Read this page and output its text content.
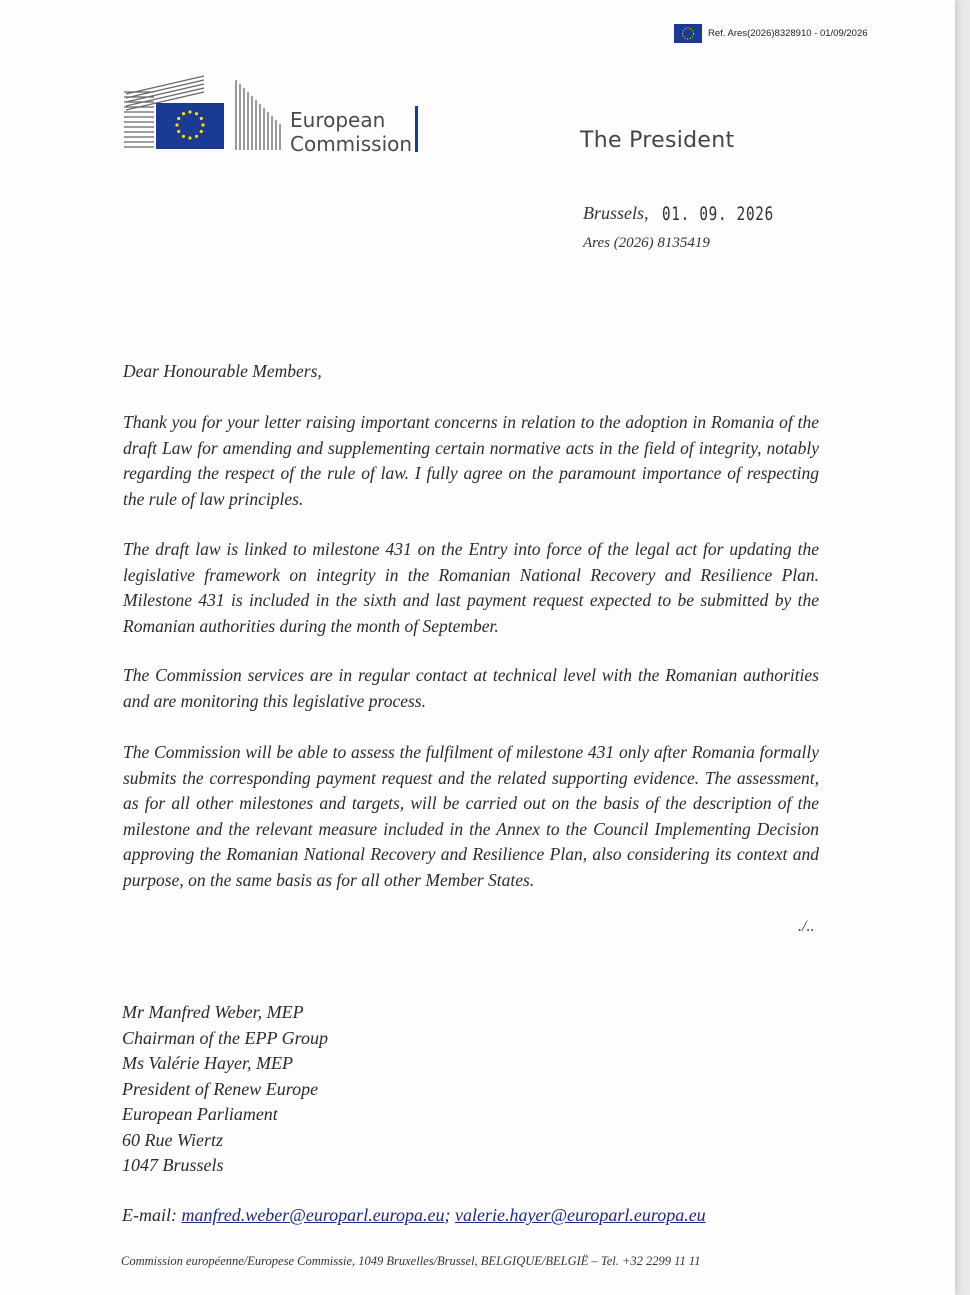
Ref. Ares(2026)8328910 - 01/09/2026
European
Commission	The President
Brussels, 01. 09. 2026
Ares (2026) 8135419
Dear Honourable Members,
Thank you for your letter raising important concerns in relation to the adoption in Romania of the draft Law for amending and supplementing certain normative acts in the field of integrity, notably regarding the respect of the rule of law. I fully agree on the paramount importance of respecting the rule of law principles.
The draft law is linked to milestone 431 on the Entry into force of the legal act for updating the legislative framework on integrity in the Romanian National Recovery and Resilience Plan. Milestone 431 is included in the sixth and last payment request expected to be submitted by the Romanian authorities during the month of September.
The Commission services are in regular contact at technical level with the Romanian authorities and are monitoring this legislative process.
The Commission will be able to assess the fulfilment of milestone 431 only after Romania formally submits the corresponding payment request and the related supporting evidence. The assessment, as for all other milestones and targets, will be carried out on the basis of the description of the milestone and the relevant measure included in the Annex to the Council Implementing Decision approving the Romanian National Recovery and Resilience Plan, also considering its context and purpose, on the same basis as for all other Member States.
./..
Mr Manfred Weber, MEP
Chairman of the EPP Group
Ms Valérie Hayer, MEP
President of Renew Europe
European Parliament
60 Rue Wiertz
1047 Brussels
E-mail: manfred.weber@europarl.europa.eu; valerie.hayer@europarl.europa.eu
Commission européenne/Europese Commissie, 1049 Bruxelles/Brussel, BELGIQUE/BELGIË – Tel. +32 2299 11 11
